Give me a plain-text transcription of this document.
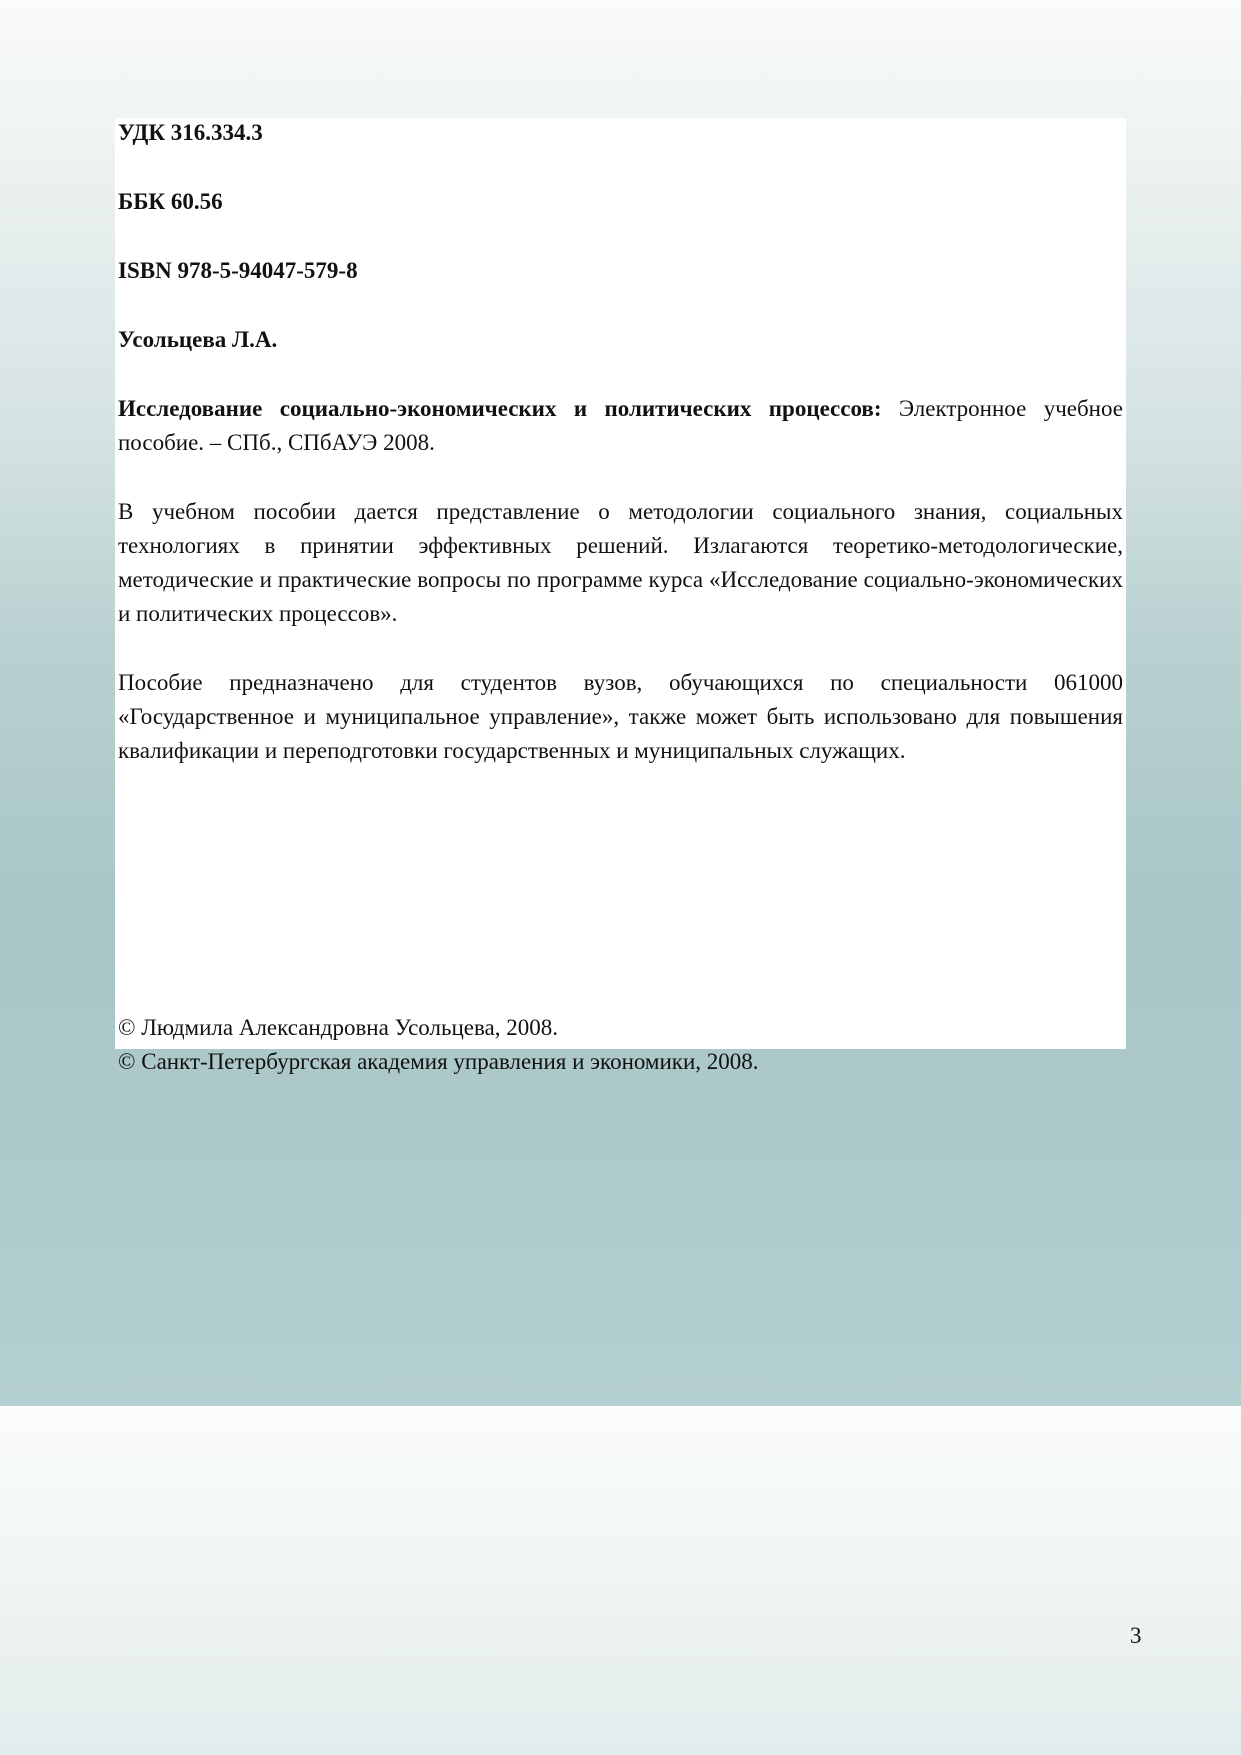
УДК 316.334.3

ББК 60.56

ISBN 978-5-94047-579-8

Усольцева Л.А.

Исследование социально-экономических и политических процессов: Электронное учебное пособие. – СПб., СПбАУЭ 2008.

В учебном пособии дается представление о методологии социального знания, социальных технологиях в принятии эффективных решений. Излагаются теоретико-методологические, методические и практические вопросы по программе курса «Исследование социально-экономических и политических процессов».

Пособие предназначено для студентов вузов, обучающихся по специальности 061000 «Государственное и муниципальное управление», также может быть использовано для повышения квалификации и переподготовки государственных и муниципальных служащих.

© Людмила Александровна Усольцева, 2008.

© Санкт-Петербургская академия управления и экономики, 2008.

3
